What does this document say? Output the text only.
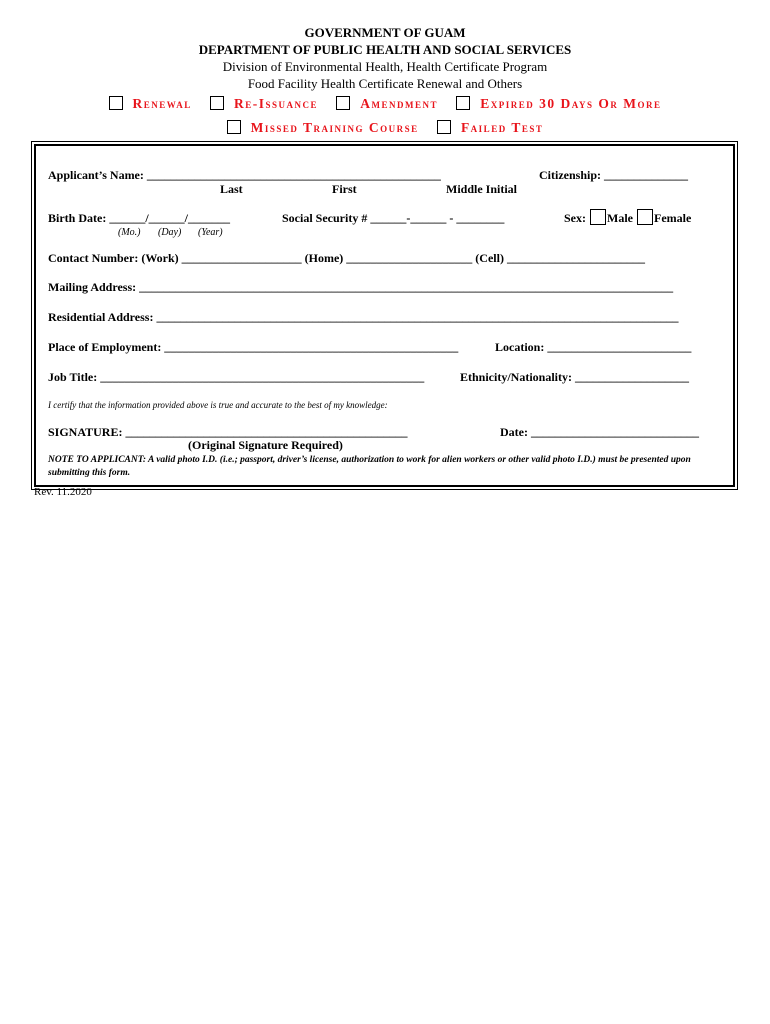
GOVERNMENT OF GUAM
DEPARTMENT OF PUBLIC HEALTH AND SOCIAL SERVICES
Division of Environmental Health, Health Certificate Program
Food Facility Health Certificate Renewal and Others
Renewal	Re-Issuance	Amendment	Expired 30 Days Or More
Missed Training Course	Failed Test
Applicant’s Name: _________________________________________________	Citizenship: ______________
Last	First	Middle Initial
Birth Date: ______/______/_______
(Mo.) (Day) (Year)
Social Security # ______-______ - ________	Sex: Male Female
Contact Number: (Work) ____________________ (Home) _____________________ (Cell) _______________________
Mailing Address: _________________________________________________________________________________________
Residential Address: _______________________________________________________________________________________
Place of Employment: _________________________________________________	Location: ________________________
Job Title: ______________________________________________________	Ethnicity/Nationality: ___________________
I certify that the information provided above is true and accurate to the best of my knowledge:
SIGNATURE: _______________________________________________	Date: ____________________________
(Original Signature Required)
NOTE TO APPLICANT: A valid photo I.D. (i.e.; passport, driver’s license, authorization to work for alien workers or other valid photo I.D.) must be presented upon submitting this form.
Rev. 11.2020
